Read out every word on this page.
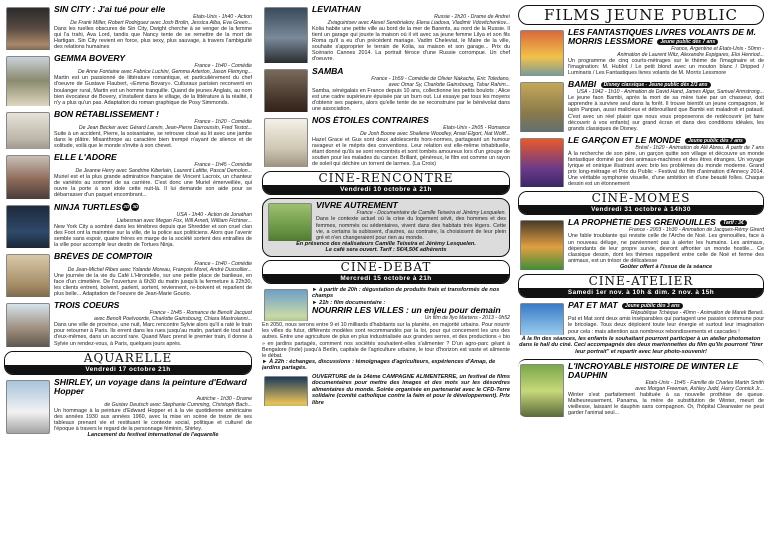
SIN CITY : J'ai tué pour elle
Etats-Unis - 1h40 - Action
De Frank Miller, Robert Rodriguez avec Josh Brolin, Jessica Alba, Eva Green...
Dans les ruelles obscures de Sin City, Dwight cherche à se venger de la femme qui l'a trahi, Ava Lord, tandis que Nancy tente de se remettre de la mort de Hartigan. Sin City revient en force, plus sexy, plus sauvage, à travers l'ambiguïté des relations humaines
GEMMA BOVERY
France - 1h40 - Comédie
De Anne Fontaine avec Fabrice Luchini, Gemma Arterton, Jason Flemyng...
Martin est un passionné de littérature romantique, et particulièrement du chef d'oeuvre de Gustave Flaubert, «Emma Bovary». Culturaux parisien reconverti en boulanger rural, Martin est un homme tranquille. Quand de jeunes Anglais, au nom bien évocateur de Bovery, s'installent dans le village, de la littérature à la réalité, il n'y a plus qu'un pas. Adaptation du roman graphique de Posy Simmonds.
BON RÉTABLISSEMENT !
France - 1h20 - Comédie
De Jean Becker avec Gérard Lanvin, Jean-Pierre Darroussin, Fred Testot...
Suite à un accident, Pierre, la soixantaine, se retrouve cloué au lit avec une jambe dans le plâtre. Misanthrope au caractère bien trempé n'ayant de silence et de solitude, voilà que le monde s'invite à son chevet.
ELLE L'ADORE
France - 1h45 - Comédie
De Jeanne Herry avec Sandrine Kiberlain, Laurent Lafitte, Pascal Demolon...
Muriel est et la plus grande admiratrice française de Vincent Lacroix, un chanteur de variétés au sommet de sa carrière. C'est donc une Muriel émerveillée, qui ouvre la porte à son idole cette nuit-là. Il lui demande son aide pour se débarrasser d'un paquet encombrant...
NINJA TURTLES 2D 3D
USA - 1h40 - Action de Jonathan
Liebesman avec Megan Fox, Will Arnett, William Fichtner...
New York City a sombré dans les ténèbres depuis que Shredder et son cruel clan des Foot ont la mainmise sur la ville, de la police aux politiciens. Alors que l'avenir semble sans espoir, quatre frères en marge de la société sortent des entrailles de la ville pour accomplir leur destin de Tortues Ninja.
BRÈVES DE COMPTOIR
France - 1h40 - Comédie
De Jean-Michel Ribes avec Yolande Moreau, François Morel, André Dussollier...
Une journée de la vie du Café L'Hirondelle, sur une petite place de banlieue, en face d'un cimetière. De l'ouverture à 6h30 du matin jusqu'à la fermeture à 22h30, les clients entrent, boivent, parlent, sortent, reviennent, re-boivent et reparlent de plus belle... Adaptation de l'oeuvre de Jean-Marie Gourio.
TROIS COEURS
France - 1h45 - Romance de Benoît Jacquot
avec Benoît Poelvoorde, Charlotte Gainsbourg, Chiara Mastroianni...
Dans une ville de province, une nuit, Marc rencontre Sylvie alors qu'il a raté le train pour retourner à Paris. Ils errent dans les rues jusqu'au matin, parlant de tout sauf d'eux-mêmes, dans un accord rare. Quand Marc prend le premier train, il donne à Sylvie un rendez-vous, à Paris, quelques jours après.
AQUARELLE
Vendredi 17 octobre 21h
SHIRLEY, un voyage dans la peinture d'Edward Hopper
Autriche - 1h30 - Drame
de Gustav Deutsch avec Stephanie Cumming, Christoph Bach...
Un hommage à la peinture d'Edward Hopper et à la vie quotidienne américaine des années 1930 aux années 1960, avec la mise en scène de treize de ses tableaux prenant vie et restituant le contexte social, politique et culturel de l'époque à travers le regard de la personnage féminin, Shirley.
Lancement du festival international de l'aquarelle
LEVIATHAN
Russie - 2h20 - Drame de Andreï
Zviaguintsev avec Alexeï Serebriakov, Elena Liadova, Vladimir Vdovitchenkov...
Kolia habite une petite ville au bord de la mer de Barents, au nord de la Russie. Il tient un garage qui jouxte la maison où il vit avec sa jeune femme Lilya et son fils Roma qu'il a eu d'un précédent mariage. Vadim Cheleviat, le Maire de la ville, souhaite s'approprier le terrain de Kolia, sa maison et son garage... Prix du Scénario Cannes 2014. La portrait féroce d'une Russie corrompue. Un chef d'oeuvre.
SAMBA
France - 1h59 - Comédie de Olivier Nakache, Eric Toledano,
avec Omar Sy, Charlotte Gainsbourg, Tahar Rahim...
Samba, sénégalais en France depuis 10 ans, collectionne les petits boulots ; Alice est une cadre supérieure épuisée par un burn out. Lui essaye par tous les moyens d'obtenir ses papiers, alors qu'elle tente de se reconstruire par le bénévolat dans une association.
NOS ÉTOILES CONTRAIRES
Etats-Unis - 2h05 - Romance
De Josh Boone avec Shailene Woodley, Ansel Elgort, Nat Wolff...
Hazel Grace et Gus sont deux adolescents hors-normes, partageant un humour ravageur et le mépris des conventions. Leur relation est elle-même inhabituelle, étant donné qu'ils se sont rencontrés et sont tombés amoureux lors d'un groupe de soutien pour les malades du cancer. Brillant, généreux, le film est comme un rayon de soleil qui déchire un torrent de larmes. (La Croix)
CINÉ-RENCONTRE
Vendredi 10 octobre à 21h
VIVRE AUTREMENT
France - Documentaire de Camille Teixeira et Jérémy Lesquelen.
Dans le contexte actuel où la crise du logement sévit, des hommes et des femmes, nommés ou sédentaires, vivent dans des habitats très légers. Cette vie, a certains la subissent, d'autres, au contraire, la choisissent de leur plein gré et n'en changeraient pour rien au monde.
En présence des réalisateurs Camille Teixeira et Jérémy Lesquelen.
Le café sera ouvert. Tarif : 5€/4,50€ adhérents
CINÉ-DÉBAT
Mercredi 15 octobre à 21h
► à partir de 20h : dégustation de produits frais et transformés de nos champs
► 21h : film documentaire :
NOURRIR LES VILLES : un enjeu pour demain
Un film de Ilyo Martens - 2013 - 0h52
En 2050, nous serons entre 9 et 10 milliards d'habitants sur la planète, en majorité urbains. Pour nourrir les villes du futur, différents modèles sont recommandés par la loi, pour qui concernent les uns des autres. Entre une agriculture de plus en plus industrialisée aux grandes serres, et des productions « bio » en jardins partagés, comment nos sociétés souhaitent-elles s'alimenter ? D'un agro-parc géant à Bengalore (Inde) jusqu'à Berlin, capitale de l'agriculture urbaine, le tour d'horizon est vaste et alimente le débat.
► À 22h : échanges, discussions : témoignages d'agriculteurs, expériences d'Amap, de jardins partagés.
OUVERTURE de la 14ème CAMPAGNE ALIMENTERRE, un festival de films documentaires pour mettre des images et des mots sur les désordres alimentaires du monde. Soirée organisée en partenariat avec le CFD-Terre solidaire (comité catholique contre la faim et pour le développement). Prix libre
FILMS JEUNE PUBLIC
LES FANTASTIQUES LIVRES VOLANTS DE M. MORRIS LESSMORE Jeune public dès 7 ans
France, Argentine et Etats-Unis - 50mn -
Animation de Laurent Witz, Alexandre Espigares, Eloi Henriod...
Un programme de cinq courts-métrages sur le thème de l'imaginaire et de l'imagination: M. Hublot / Le petit blond avec un mouton blanc / Dripped / Luminaris / Les Fantastiques livres volants de M. Morris Lessmore
BAMBI Disney classique - Jeune public dès 2/3 ans
USA - 1942 - 1h10 - Animation de David Hand, James Algar, Samuel Armstrong...
Le jeune faon Bambi, après la mort de sa mère tuée par un chasseur, doit apprendre à survivre seul dans la forêt. Il trouve bientôt un jeune compagnon, le lapin Panpan, aussi malicieux et débrouillard que Bambi est maladroit et pataud. C'est avec un réel plaisir que nous vous proposerons de redécouvrir (et faire découvrir à vos enfants) sur grand écran et dans des conditions idéales, les grands classiques de Disney.
LE GARÇON ET LE MONDE Jeune public dès 7 ans
Brésil - 1h20 - Animation de Alê Abreu. À partir de 7 ans
À la recherche de son père, un garçon quitte son village et découvre un monde fantastique dominé par des animaux-machines et des êtres étranges. Un voyage lyrique et onirique illustrant avec brio les problèmes du monde moderne. Grand prix long-métrage et Prix du Public - Festival du film d'animation d'Annecy 2014. Une véritable symphonie visuelle, d'une ambition et d'une beauté folles. Chaque dessin est un étonnement
CINÉ-MÔMES
Vendredi 31 octobre à 14h30
LA PROPHÉTIE DES GRENOUILLES Tarif : 3€
France - 2003 - 1h30 - Animation de Jacques-Rémy Girerd
Une fable troublante qui revisite celle de l'Arche de Noé. Les grenouilles, face à un nouveau déluge, ne parviennent pas à alerter les humains. Les animaux, dépendants de leur propre survie, devront affronter un monde hostile... Ce classique dessin, dont les thèmes rappellent entre celle de Noé et ferme des animaux, est un trésor de délicatesse
Goûter offert à l'issue de la séance
CINÉ-ATELIER
Samedi 1er nov. à 10h & dim. 2 nov. à 15h
PAT ET MAT Jeune public dès 3 ans
République Tchèque - 40mn - Animation de Marek Beneš.
Pat et Mat sont deux amis inséparables qui partagent une passion commune pour le bricolage. Tous deux déploient toute leur énergie et surtout leur imagination pour cela : mais attention aux nombreux rebondissements et cascades !
À la fin des séances, les enfants le souhaitant pourront participer à un atelier photomaton dans le hall du ciné. Ceci accompagnés des deux marionnettes du film qu'ils pourront "tirer leur portrait" et repartir avec leur photo-souvenir!
L'INCROYABLE HISTOIRE DE WINTER LE DAUPHIN
Etats-Unis - 1h45 - Famille de Charles Martin Smith
avec Morgan Freeman, Ashley Judd, Harry Connick Jr...
Winter s'est parfaitement habituée à sa nouvelle prothèse de queue. Malheureusement, Panama, la mère de substitution de Winter, meurt de vieillesse, laissant le dauphin sans compagnon. Or, l'hôpital Clearwater ne peut garder l'animal seul...
